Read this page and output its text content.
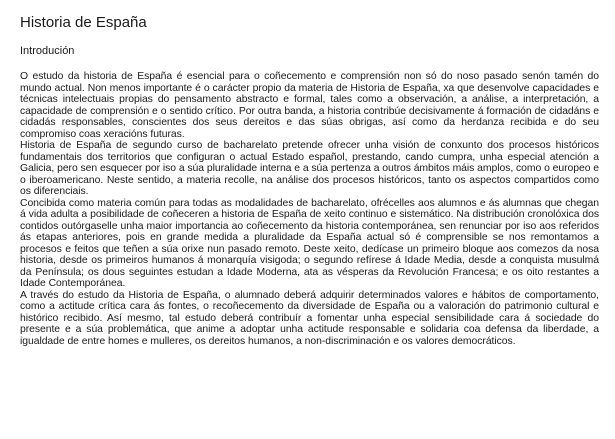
Historia de España
Introdución

O estudo da historia de España é esencial para o coñecemento e comprensión non só do noso pasado senón tamén do mundo actual. Non menos importante é o carácter propio da materia de Historia de España, xa que desenvolve capacidades e técnicas intelectuais propias do pensamento abstracto e formal, tales como a observación, a análise, a interpretación, a capacidade de comprensión e o sentido crítico. Por outra banda, a historia contribúe decisivamente á formación de cidadáns e cidadás responsables, conscientes dos seus dereitos e das súas obrigas, así como da herdanza recibida e do seu compromiso coas xeracións futuras.

Historia de España de segundo curso de bacharelato pretende ofrecer unha visión de conxunto dos procesos históricos fundamentais dos territorios que configuran o actual Estado español, prestando, cando cumpra, unha especial atención a Galicia, pero sen esquecer por iso a súa pluralidade interna e a súa pertenza a outros ámbitos máis amplos, como o europeo e o iberoamericano. Neste sentido, a materia recolle, na análise dos procesos históricos, tanto os aspectos compartidos como os diferenciais.

Concibida como materia común para todas as modalidades de bacharelato, ofrécelles aos alumnos e ás alumnas que chegan á vida adulta a posibilidade de coñeceren a historia de España de xeito continuo e sistemático. Na distribución cronolóxica dos contidos outórgaselle unha maior importancia ao coñecemento da historia contemporánea, sen renunciar por iso aos referidos ás etapas anteriores, pois en grande medida a pluralidade da España actual só é comprensible se nos remontamos a procesos e feitos que teñen a súa orixe nun pasado remoto. Deste xeito, dedícase un primeiro bloque aos comezos da nosa historia, desde os primeiros humanos á monarquía visigoda; o segundo refírese á Idade Media, desde a conquista musulmá da Península; os dous seguintes estudan a Idade Moderna, ata as vésperas da Revolución Francesa; e os oito restantes a Idade Contemporánea.

A través do estudo da Historia de España, o alumnado deberá adquirir determinados valores e hábitos de comportamento, como a actitude crítica cara ás fontes, o recoñecemento da diversidade de España ou a valoración do patrimonio cultural e histórico recibido. Así mesmo, tal estudo deberá contribuír a fomentar unha especial sensibilidade cara á sociedade do presente e a súa problemática, que anime a adoptar unha actitude responsable e solidaria coa defensa da liberdade, a igualdade de entre homes e mulleres, os dereitos humanos, a non-discriminación e os valores democráticos.
